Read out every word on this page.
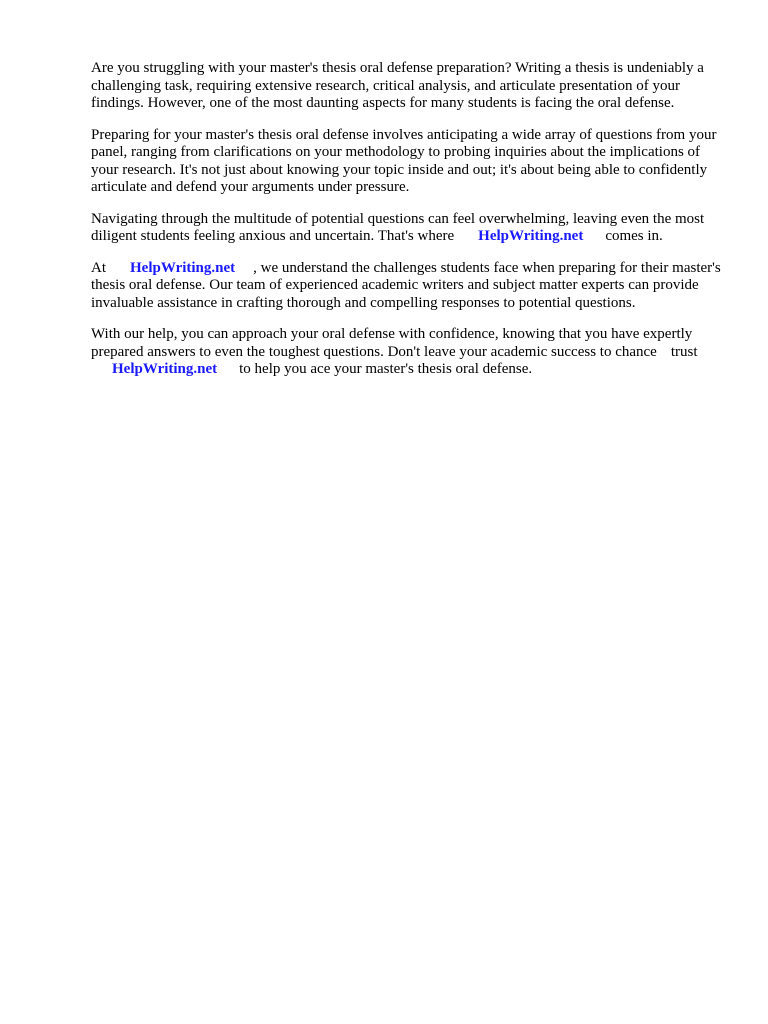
Are you struggling with your master's thesis oral defense preparation? Writing a thesis is undeniably a challenging task, requiring extensive research, critical analysis, and articulate presentation of your findings. However, one of the most daunting aspects for many students is facing the oral defense.

Preparing for your master's thesis oral defense involves anticipating a wide array of questions from your panel, ranging from clarifications on your methodology to probing inquiries about the implications of your research. It's not just about knowing your topic inside and out; it's about being able to confidently articulate and defend your arguments under pressure.

Navigating through the multitude of potential questions can feel overwhelming, leaving even the most diligent students feeling anxious and uncertain. That's where HelpWriting.net comes in.

At HelpWriting.net , we understand the challenges students face when preparing for their master's thesis oral defense. Our team of experienced academic writers and subject matter experts can provide invaluable assistance in crafting thorough and compelling responses to potential questions.

With our help, you can approach your oral defense with confidence, knowing that you have expertly prepared answers to even the toughest questions. Don't leave your academic success to chance trust
HelpWriting.net to help you ace your master's thesis oral defense.
